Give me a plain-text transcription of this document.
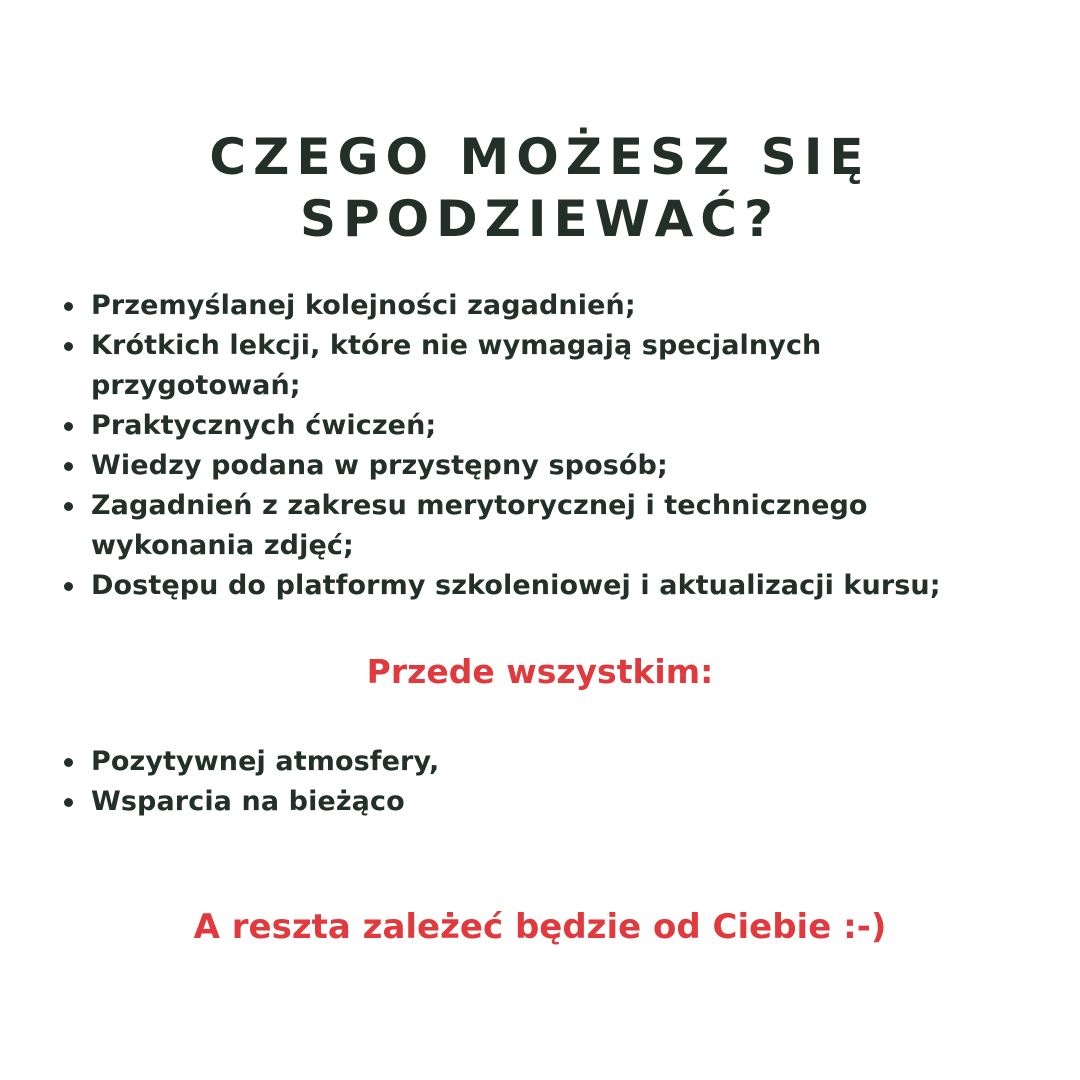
CZEGO MOŻESZ SIĘ
SPODZIEWAĆ?
Przemyślanej kolejności zagadnień;
Krótkich lekcji, które nie wymagają specjalnych
przygotowań;
Praktycznych ćwiczeń;
Wiedzy podana w przystępny sposób;
Zagadnień z zakresu merytorycznej i technicznego
wykonania zdjęć;
Dostępu do platformy szkoleniowej i aktualizacji kursu;
Przede wszystkim:
Pozytywnej atmosfery,
Wsparcia na bieżąco
A reszta zależeć będzie od Ciebie :-)
